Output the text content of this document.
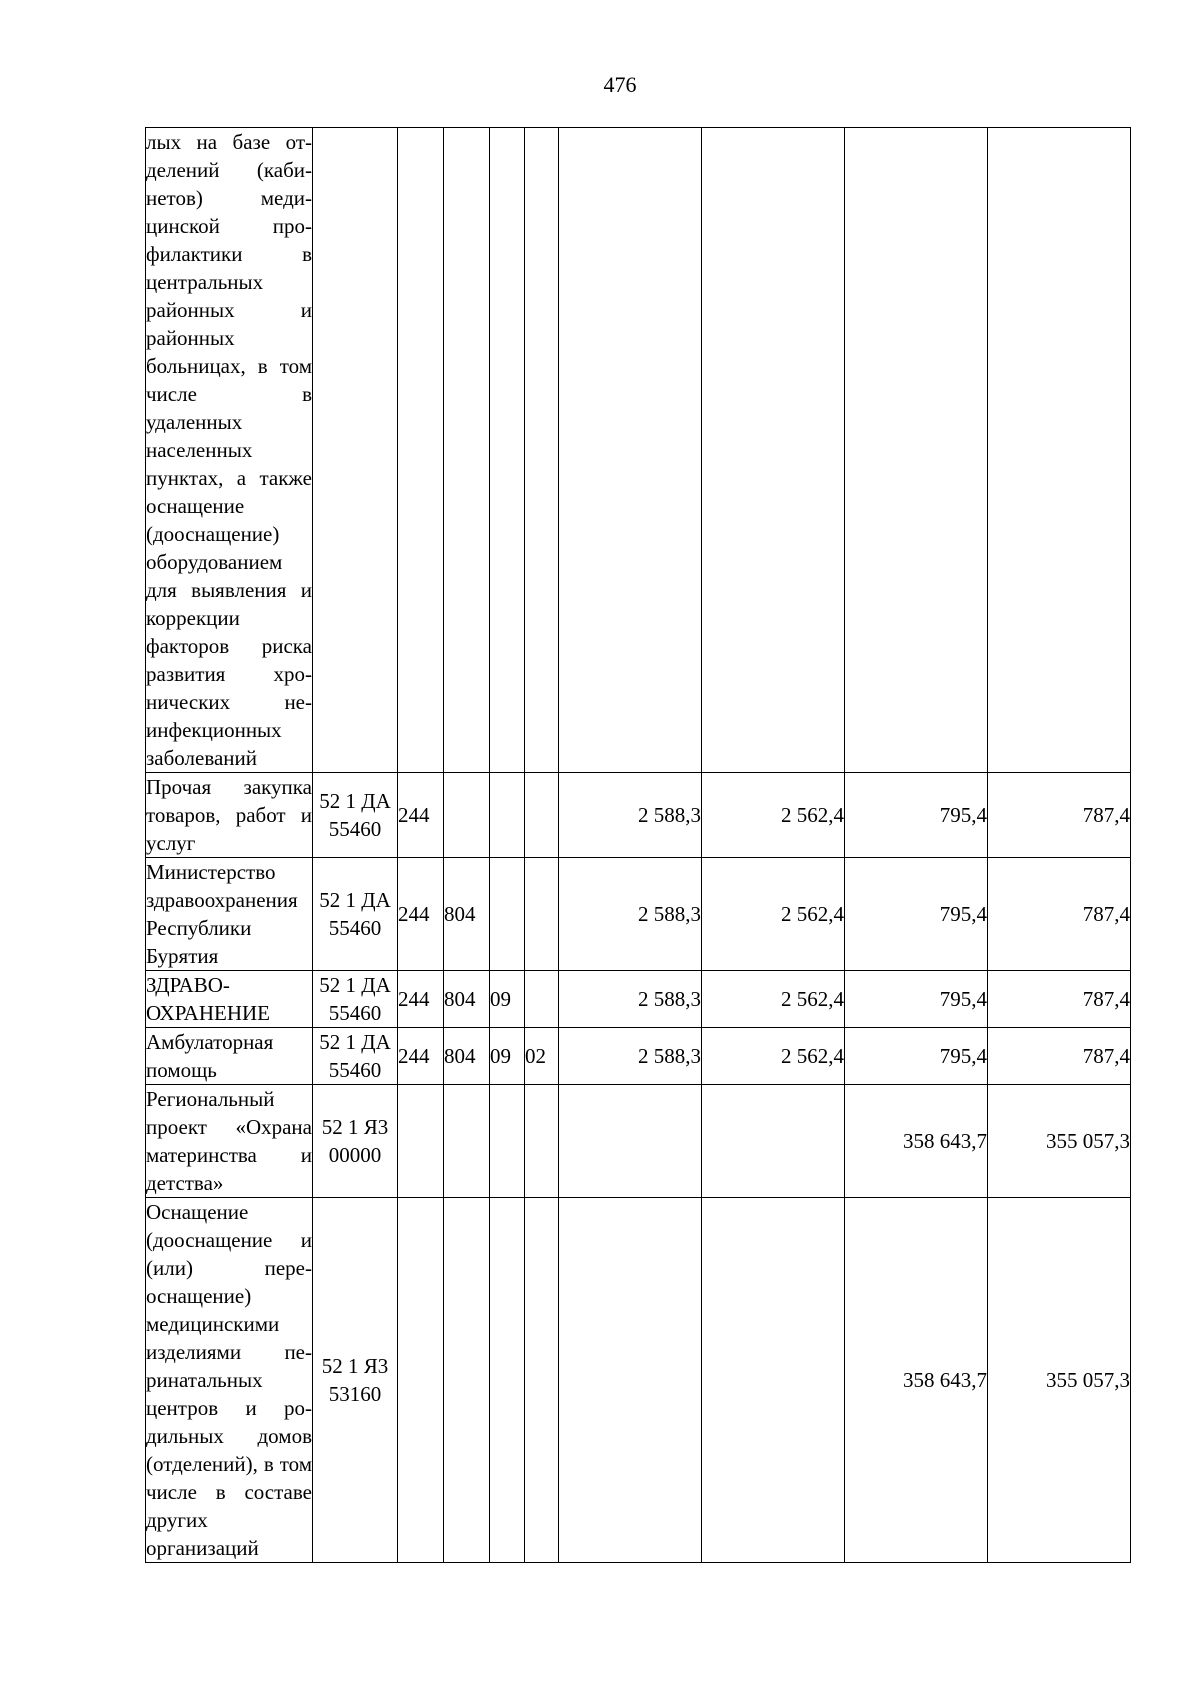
476
лых на базе отделений (кабинетов) медицинской профилактики в центральных районных и районных больницах, в том числе в удаленных населенных пунктах, а также оснащение (дооснащение) оборудованием для выявления и коррекции факторов риска развития хронических неинфекционных заболеваний									
Прочая закупка товаров, работ и услуг	52 1 ДА 55460	244				2 588,3	2 562,4	795,4	787,4
Министерство здравоохранения Республики Бурятия	52 1 ДА 55460	244	804			2 588,3	2 562,4	795,4	787,4
ЗДРАВООХРАНЕНИЕ	52 1 ДА 55460	244	804	09		2 588,3	2 562,4	795,4	787,4
Амбулаторная помощь	52 1 ДА 55460	244	804	09	02	2 588,3	2 562,4	795,4	787,4
Региональный проект «Охрана материнства и детства»	52 1 Я3 00000							358 643,7	355 057,3
Оснащение (дооснащение и (или) переоснащение) медицинскими изделиями перинатальных центров и родильных домов (отделений), в том числе в составе других организаций	52 1 Я3 53160							358 643,7	355 057,3
